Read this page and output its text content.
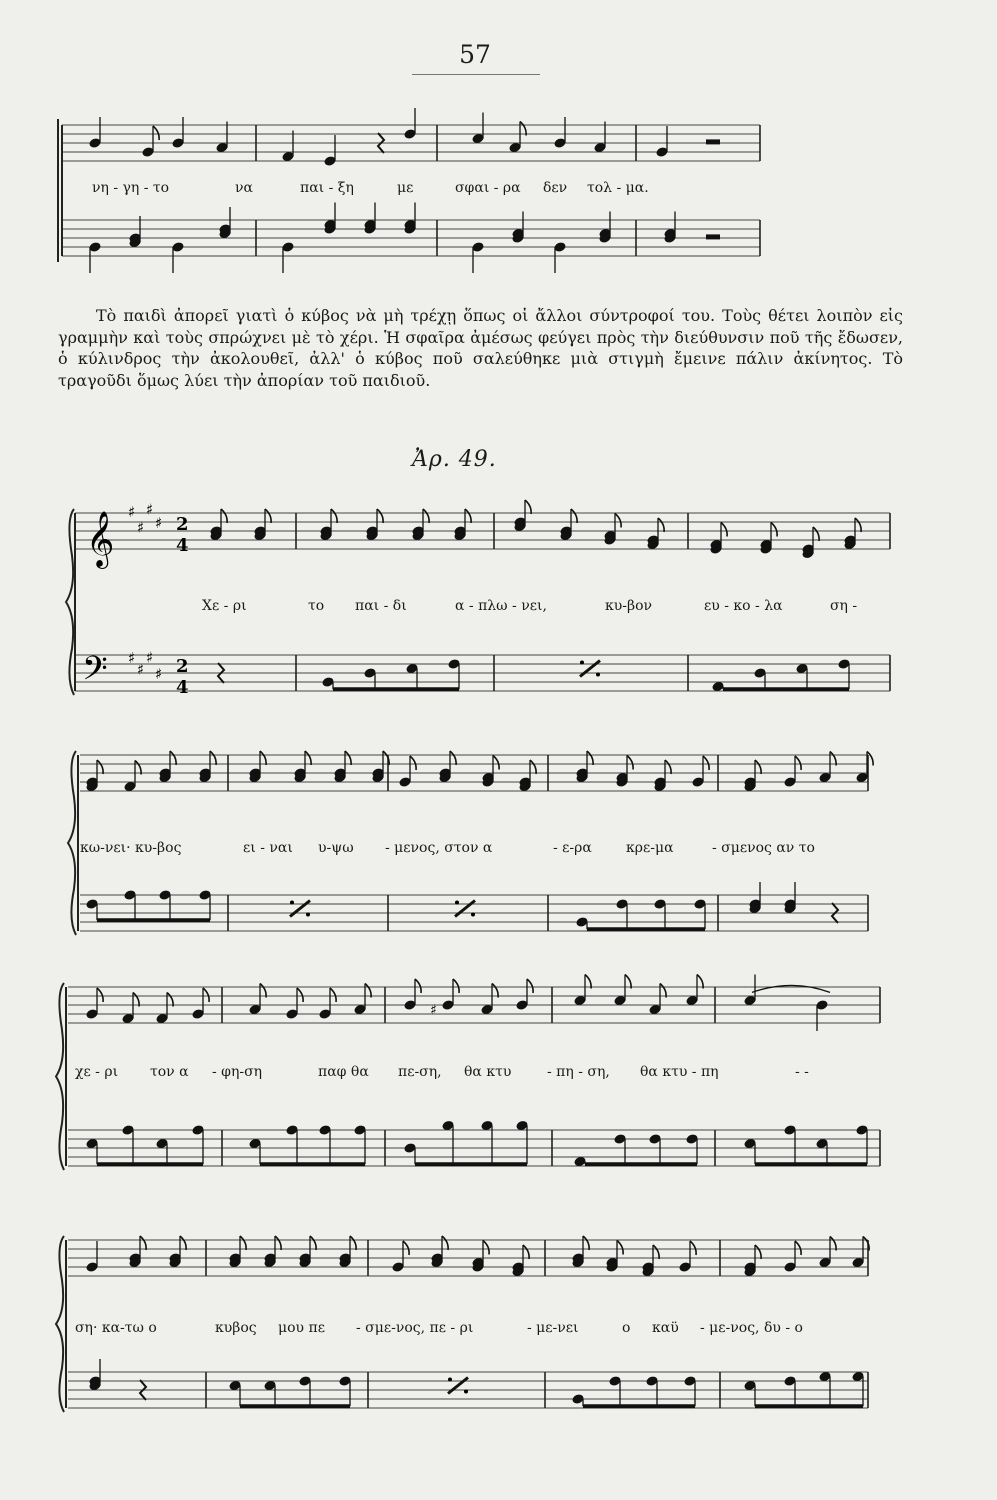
57
𝄞 ♯
♯
♯
♯ 2
4
𝄢 ♯
♯
♯
♯ 2
4
♯

Τὸ παιδὶ ἀπορεῖ γιατὶ ὁ κύβος νὰ μὴ τρέχῃ ὅπως οἱ ἄλλοι σύντροφοί του. Τοὺς θέτει λοιπὸν εἰς γραμμὴν καὶ τοὺς σπρώχνει μὲ τὸ χέρι. Ἡ σφαῖρα ἀμέσως φεύγει πρὸς τὴν διεύθυνσιν ποῦ τῆς ἔδωσεν, ὁ κύλινδρος τὴν ἀκολουθεῖ, ἀλλ' ὁ κύβος ποῦ σαλεύθηκε μιὰ στιγμὴ ἔμεινε πάλιν ἀκίνητος. Τὸ τραγοῦδι ὅμως λύει τὴν ἀπορίαν τοῦ παιδιοῦ.

Ἀρ. 49.
νη - γη - το	να	παι - ξη	με	σφαι - ρα δεν τολ - μα.
Χε - ρι	το παι - δι	α - πλω - νει,	κυ-βον	ευ - κο - λα	ση -
κω-νει· κυ-βος	ει - ναι υ-ψω - μενος, στον α	- ε-ρα κρε-μα	- σμενος αν το
χε - ρι τον α - φη-ση	παφ θα πε-ση, θα κτυ	- πη - ση, θα κτυ - πη	- -
ση· κα-τω ο	κυβος μου πε - σμε-νος, πε - ρι	- με-νει	ο καϋ - με-νος, δυ - ο
